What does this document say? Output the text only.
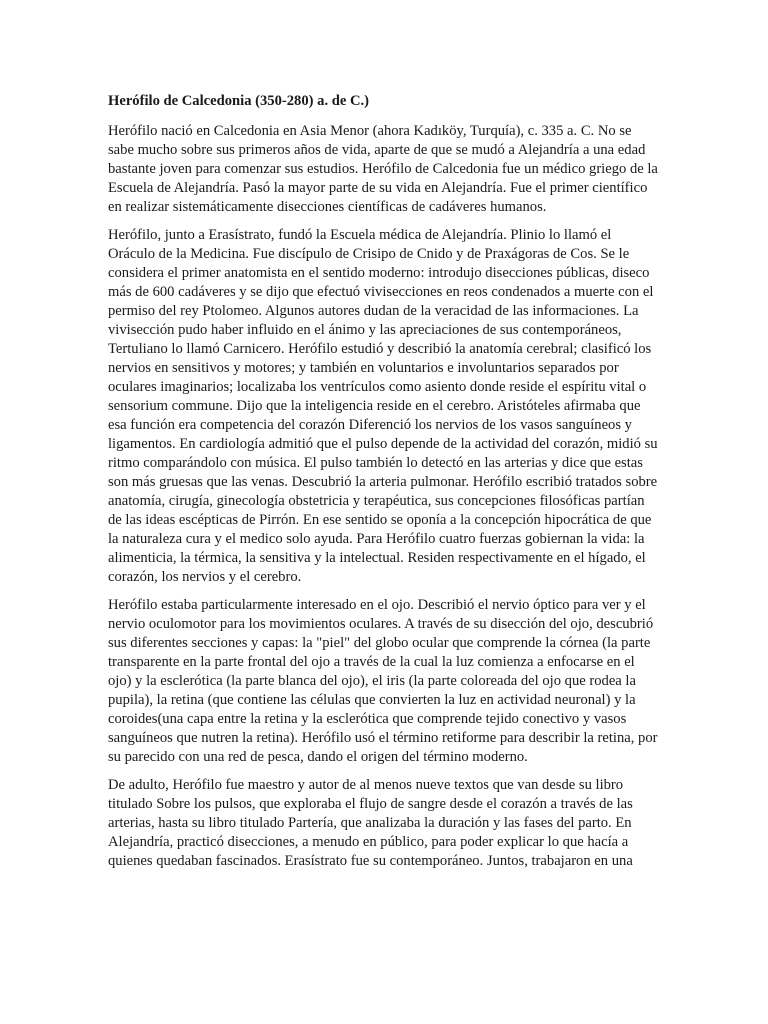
Herófilo de Calcedonia (350-280) a. de C.)
Herófilo nació en Calcedonia en Asia Menor (ahora Kadıköy, Turquía), c. 335 a. C. No se sabe mucho sobre sus primeros años de vida, aparte de que se mudó a Alejandría a una edad bastante joven para comenzar sus estudios. Herófilo de Calcedonia fue un médico griego de la Escuela de Alejandría. Pasó la mayor parte de su vida en Alejandría. Fue el primer científico en realizar sistemáticamente disecciones científicas de cadáveres humanos.
Herófilo, junto a Erasístrato, fundó la Escuela médica de Alejandría. Plinio lo llamó el Oráculo de la Medicina. Fue discípulo de Crisipo de Cnido y de Praxágoras de Cos. Se le considera el primer anatomista en el sentido moderno: introdujo disecciones públicas, diseco más de 600 cadáveres y se dijo que efectuó vivisecciones en reos condenados a muerte con el permiso del rey Ptolomeo. Algunos autores dudan de la veracidad de las informaciones. La vivisección pudo haber influido en el ánimo y las apreciaciones de sus contemporáneos, Tertuliano lo llamó Carnicero. Herófilo estudió y describió la anatomía cerebral; clasificó los nervios en sensitivos y motores; y también en voluntarios e involuntarios separados por oculares imaginarios; localizaba los ventrículos como asiento donde reside el espíritu vital o sensorium commune. Dijo que la inteligencia reside en el cerebro. Aristóteles afirmaba que esa función era competencia del corazón Diferenció los nervios de los vasos sanguíneos y ligamentos. En cardiología admitió que el pulso depende de la actividad del corazón, midió su ritmo comparándolo con música. El pulso también lo detectó en las arterias y dice que estas son más gruesas que las venas. Descubrió la arteria pulmonar. Herófilo escribió tratados sobre anatomía, cirugía, ginecología obstetricia y terapéutica, sus concepciones filosóficas partían de las ideas escépticas de Pirrón. En ese sentido se oponía a la concepción hipocrática de que la naturaleza cura y el medico solo ayuda. Para Herófilo cuatro fuerzas gobiernan la vida: la alimenticia, la térmica, la sensitiva y la intelectual. Residen respectivamente en el hígado, el corazón, los nervios y el cerebro.
Herófilo estaba particularmente interesado en el ojo. Describió el nervio óptico para ver y el nervio oculomotor para los movimientos oculares. A través de su disección del ojo, descubrió sus diferentes secciones y capas: la "piel" del globo ocular que comprende la córnea (la parte transparente en la parte frontal del ojo a través de la cual la luz comienza a enfocarse en el ojo) y la esclerótica (la parte blanca del ojo), el iris (la parte coloreada del ojo que rodea la pupila), la retina (que contiene las células que convierten la luz en actividad neuronal) y la coroides(una capa entre la retina y la esclerótica que comprende tejido conectivo y vasos sanguíneos que nutren la retina). Herófilo usó el término retiforme para describir la retina, por su parecido con una red de pesca, dando el origen del término moderno.
De adulto, Herófilo fue maestro y autor de al menos nueve textos que van desde su libro titulado Sobre los pulsos, que exploraba el flujo de sangre desde el corazón a través de las arterias, hasta su libro titulado Partería, que analizaba la duración y las fases del parto. En Alejandría, practicó disecciones, a menudo en público, para poder explicar lo que hacía a quienes quedaban fascinados. Erasístrato fue su contemporáneo. Juntos, trabajaron en una
